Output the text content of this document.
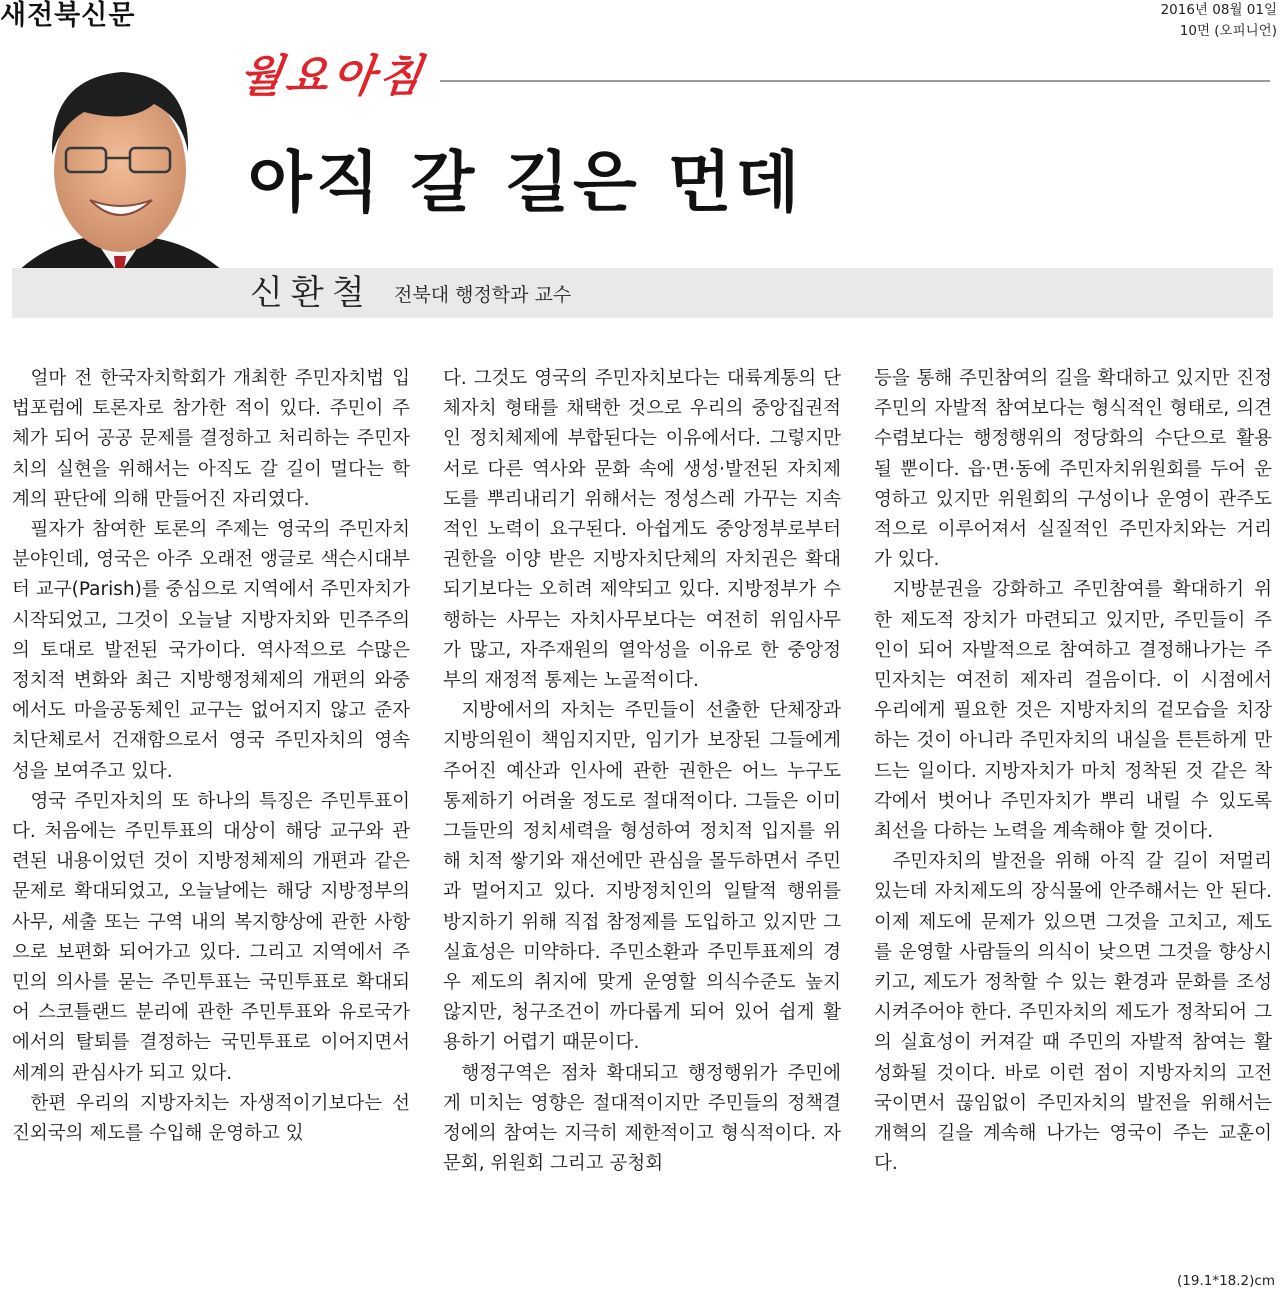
새전북신문	2016년 08월 01일
10면 (오피니언)
월요아침
아직 갈 길은 먼데
신환철 전북대 행정학과 교수

얼마 전 한국자치학회가 개최한 주민자치법 입법포럼에 토론자로 참가한 적이 있다. 주민이 주체가 되어 공공 문제를 결정하고 처리하는 주민자치의 실현을 위해서는 아직도 갈 길이 멀다는 학계의 판단에 의해 만들어진 자리였다.

필자가 참여한 토론의 주제는 영국의 주민자치 분야인데, 영국은 아주 오래전 앵글로 색슨시대부터 교구(Parish)를 중심으로 지역에서 주민자치가 시작되었고, 그것이 오늘날 지방자치와 민주주의의 토대로 발전된 국가이다. 역사적으로 수많은 정치적 변화와 최근 지방행정체제의 개편의 와중에서도 마을공동체인 교구는 없어지지 않고 준자치단체로서 건재함으로서 영국 주민자치의 영속성을 보여주고 있다.

영국 주민자치의 또 하나의 특징은 주민투표이다. 처음에는 주민투표의 대상이 해당 교구와 관련된 내용이었던 것이 지방정체제의 개편과 같은 문제로 확대되었고, 오늘날에는 해당 지방정부의 사무, 세출 또는 구역 내의 복지향상에 관한 사항으로 보편화 되어가고 있다. 그리고 지역에서 주민의 의사를 묻는 주민투표는 국민투표로 확대되어 스코틀랜드 분리에 관한 주민투표와 유로국가에서의 탈퇴를 결정하는 국민투표로 이어지면서 세계의 관심사가 되고 있다.

한편 우리의 지방자치는 자생적이기보다는 선진외국의 제도를 수입해 운영하고 있

다. 그것도 영국의 주민자치보다는 대륙계통의 단체자치 형태를 채택한 것으로 우리의 중앙집권적인 정치체제에 부합된다는 이유에서다. 그렇지만 서로 다른 역사와 문화 속에 생성·발전된 자치제도를 뿌리내리기 위해서는 정성스레 가꾸는 지속적인 노력이 요구된다. 아쉽게도 중앙정부로부터 권한을 이양 받은 지방자치단체의 자치권은 확대되기보다는 오히려 제약되고 있다. 지방정부가 수행하는 사무는 자치사무보다는 여전히 위임사무가 많고, 자주재원의 열악성을 이유로 한 중앙정부의 재정적 통제는 노골적이다.

지방에서의 자치는 주민들이 선출한 단체장과 지방의원이 책임지지만, 임기가 보장된 그들에게 주어진 예산과 인사에 관한 권한은 어느 누구도 통제하기 어려울 정도로 절대적이다. 그들은 이미 그들만의 정치세력을 형성하여 정치적 입지를 위해 치적 쌓기와 재선에만 관심을 몰두하면서 주민과 멀어지고 있다. 지방정치인의 일탈적 행위를 방지하기 위해 직접 참정제를 도입하고 있지만 그 실효성은 미약하다. 주민소환과 주민투표제의 경우 제도의 취지에 맞게 운영할 의식수준도 높지 않지만, 청구조건이 까다롭게 되어 있어 쉽게 활용하기 어렵기 때문이다.

행정구역은 점차 확대되고 행정행위가 주민에게 미치는 영향은 절대적이지만 주민들의 정책결정에의 참여는 지극히 제한적이고 형식적이다. 자문회, 위원회 그리고 공청회

등을 통해 주민참여의 길을 확대하고 있지만 진정 주민의 자발적 참여보다는 형식적인 형태로, 의견수렴보다는 행정행위의 정당화의 수단으로 활용될 뿐이다. 읍·면·동에 주민자치위원회를 두어 운영하고 있지만 위원회의 구성이나 운영이 관주도적으로 이루어져서 실질적인 주민자치와는 거리가 있다.

지방분권을 강화하고 주민참여를 확대하기 위한 제도적 장치가 마련되고 있지만, 주민들이 주인이 되어 자발적으로 참여하고 결정해나가는 주민자치는 여전히 제자리 걸음이다. 이 시점에서 우리에게 필요한 것은 지방자치의 겉모습을 치장하는 것이 아니라 주민자치의 내실을 튼튼하게 만드는 일이다. 지방자치가 마치 정착된 것 같은 착각에서 벗어나 주민자치가 뿌리 내릴 수 있도록 최선을 다하는 노력을 계속해야 할 것이다.

주민자치의 발전을 위해 아직 갈 길이 저멀리 있는데 자치제도의 장식물에 안주해서는 안 된다. 이제 제도에 문제가 있으면 그것을 고치고, 제도를 운영할 사람들의 의식이 낮으면 그것을 향상시키고, 제도가 정착할 수 있는 환경과 문화를 조성시켜주어야 한다. 주민자치의 제도가 정착되어 그의 실효성이 커져갈 때 주민의 자발적 참여는 활성화될 것이다. 바로 이런 점이 지방자치의 고전국이면서 끊임없이 주민자치의 발전을 위해서는 개혁의 길을 계속해 나가는 영국이 주는 교훈이다.

(19.1*18.2)cm
